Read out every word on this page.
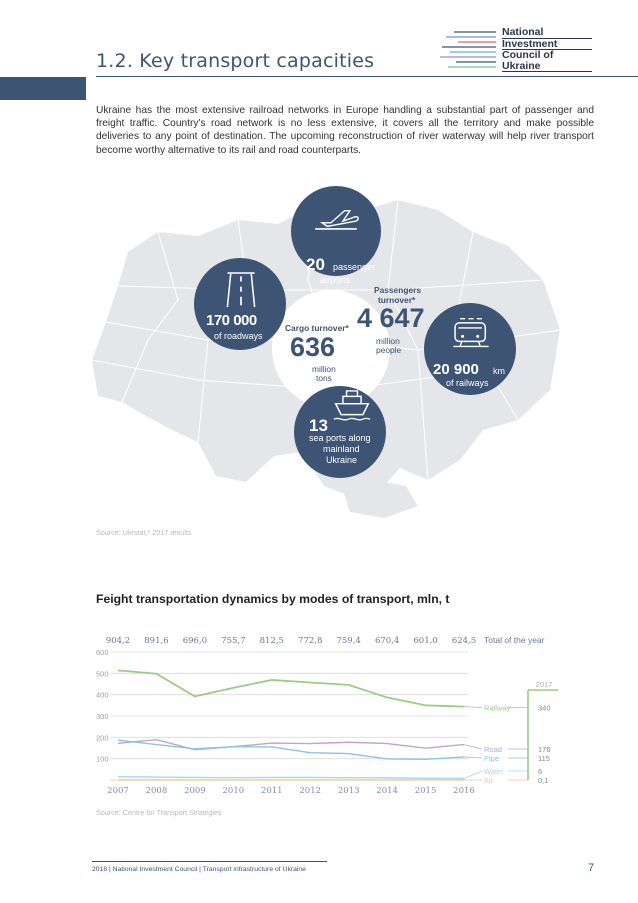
1.2. Key transport capacities
National
Investment
Council of Ukraine
Ukraine has the most extensive railroad networks in Europe handling a substantial part of passenger and freight traffic. Country's road network is no less extensive, it covers all the territory and make possible deliveries to any point of destination. The upcoming reconstruction of river waterway will help river transport become worthy alternative to its rail and road counterparts.
Cargo turnover*
636
million
tons
Passengers
turnover*
4 647
million
people
20 passenger
airports
170 000
of roadways
20 900 km
of railways
13
sea ports along
mainland
Ukraine
Source: Ukrstat,* 2017 results
Feight transportation dynamics by modes of transport, mln, t
100
200
300
400
500
600
2007 2008 2009 2010 2011 2012 2013 2014 2015 2016
904,2 891,6 696,0 755,7 812,5 772,8 759,4 670,4 601,0 624,5 Total of the year
2017
Railway	340
Road	176
Pipe	115
Water	6
Air	0,1
Source: Centre for Transport Strategies
2018 | National Investment Council | Transport infrastructure of Ukraine	7
